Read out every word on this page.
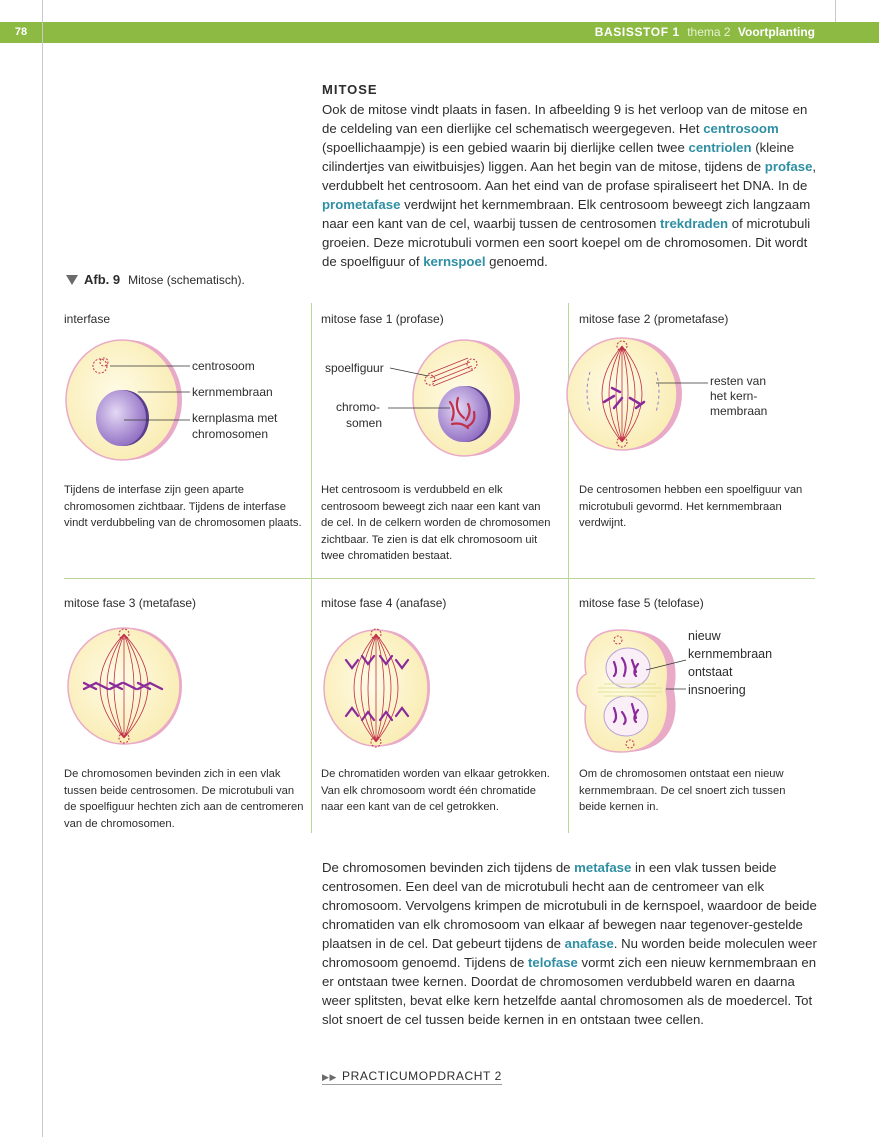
78	BASISSTOF 1 thema 2 Voortplanting
MITOSE
Ook de mitose vindt plaats in fasen. In afbeelding 9 is het verloop van de mitose en de celdeling van een dierlijke cel schematisch weergegeven. Het centrosoom (spoellichaampje) is een gebied waarin bij dierlijke cellen twee centriolen (kleine cilindertjes van eiwitbuisjes) liggen. Aan het begin van de mitose, tijdens de profase, verdubbelt het centrosoom. Aan het eind van de profase spiraliseert het DNA. In de prometafase verdwijnt het kernmembraan. Elk centrosoom beweegt zich langzaam naar een kant van de cel, waarbij tussen de centrosomen trekdraden of microtubuli groeien. Deze microtubuli vormen een soort koepel om de chromosomen. Dit wordt de spoelfiguur of kernspoel genoemd.
Afb. 9 Mitose (schematisch).
interfase	mitose fase 1 (profase)	mitose fase 2 (prometafase)
mitose fase 3 (metafase)	mitose fase 4 (anafase)	mitose fase 5 (telofase)
centrosoom
kernmembraan
kernplasma met chromosomen
spoelfiguur
chromo-
somen
resten van
het kern-
membraan
nieuw
kernmembraan
ontstaat
insnoering
Tijdens de interfase zijn geen aparte chromosomen zichtbaar. Tijdens de interfase vindt verdubbeling van de chromosomen plaats.
Het centrosoom is verdubbeld en elk centrosoom beweegt zich naar een kant van de cel. In de celkern worden de chromosomen zichtbaar. Te zien is dat elk chromosoom uit twee chromatiden bestaat.
De centrosomen hebben een spoelfiguur van microtubuli gevormd. Het kernmembraan verdwijnt.
De chromosomen bevinden zich in een vlak tussen beide centrosomen. De microtubuli van de spoelfiguur hechten zich aan de centromeren van de chromosomen.
De chromatiden worden van elkaar getrokken. Van elk chromosoom wordt één chromatide naar een kant van de cel getrokken.
Om de chromosomen ontstaat een nieuw kernmembraan. De cel snoert zich tussen beide kernen in.
De chromosomen bevinden zich tijdens de metafase in een vlak tussen beide centrosomen. Een deel van de microtubuli hecht aan de centromeer van elk chromosoom. Vervolgens krimpen de microtubuli in de kernspoel, waardoor de beide chromatiden van elk chromosoom van elkaar af bewegen naar tegenover-gestelde plaatsen in de cel. Dat gebeurt tijdens de anafase. Nu worden beide moleculen weer chromosoom genoemd. Tijdens de telofase vormt zich een nieuw kernmembraan en er ontstaan twee kernen. Doordat de chromosomen verdubbeld waren en daarna weer splitsten, bevat elke kern hetzelfde aantal chromosomen als de moedercel. Tot slot snoert de cel tussen beide kernen in en ontstaan twee cellen.
▶▶ PRACTICUMOPDRACHT 2
